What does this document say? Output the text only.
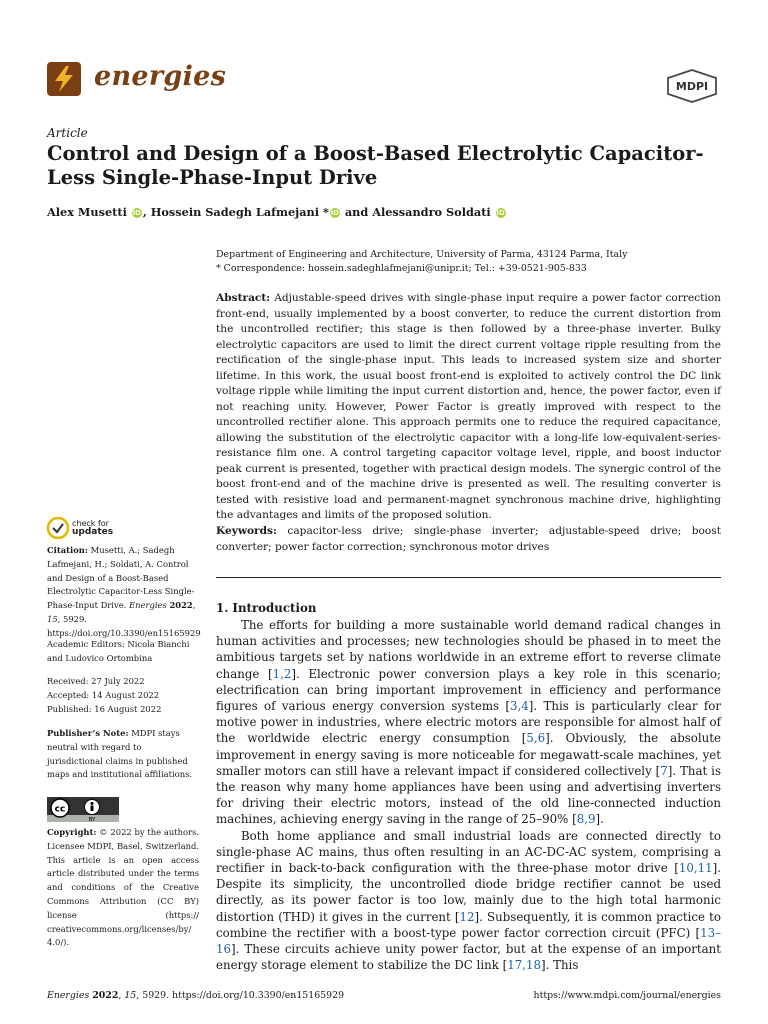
energies	MDPI
Article
Control and Design of a Boost-Based Electrolytic Capacitor-Less Single-Phase-Input Drive
Alex Musetti iD , Hossein Sadegh Lafmejani * iD and Alessandro Soldati iD
Department of Engineering and Architecture, University of Parma, 43124 Parma, Italy
* Correspondence: hossein.sadeghlafmejani@unipr.it; Tel.: +39-0521-905-833

Abstract: Adjustable-speed drives with single-phase input require a power factor correction front-end, usually implemented by a boost converter, to reduce the current distortion from the uncontrolled rectifier; this stage is then followed by a three-phase inverter. Bulky electrolytic capacitors are used to limit the direct current voltage ripple resulting from the rectification of the single-phase input. This leads to increased system size and shorter lifetime. In this work, the usual boost front-end is exploited to actively control the DC link voltage ripple while limiting the input current distortion and, hence, the power factor, even if not reaching unity. However, Power Factor is greatly improved with respect to the uncontrolled rectifier alone. This approach permits one to reduce the required capacitance, allowing the substitution of the electrolytic capacitor with a long-life low-equivalent-series-resistance film one. A control targeting capacitor voltage level, ripple, and boost inductor peak current is presented, together with practical design models. The synergic control of the boost front-end and of the machine drive is presented as well. The resulting converter is tested with resistive load and permanent-magnet synchronous machine drive, highlighting the advantages and limits of the proposed solution.

Keywords: capacitor-less drive; single-phase inverter; adjustable-speed drive; boost converter; power factor correction; synchronous motor drives

1. Introduction

The efforts for building a more sustainable world demand radical changes in human activities and processes; new technologies should be phased in to meet the ambitious targets set by nations worldwide in an extreme effort to reverse climate change [1,2]. Electronic power conversion plays a key role in this scenario; electrification can bring important improvement in efficiency and performance figures of various energy conversion systems [3,4]. This is particularly clear for motive power in industries, where electric motors are responsible for almost half of the worldwide electric energy consumption [5,6]. Obviously, the absolute improvement in energy saving is more noticeable for megawatt-scale machines, yet smaller motors can still have a relevant impact if considered collectively [7]. That is the reason why many home appliances have been using and advertising inverters for driving their electric motors, instead of the old line-connected induction machines, achieving energy saving in the range of 25–90% [8,9].

Both home appliance and small industrial loads are connected directly to single-phase AC mains, thus often resulting in an AC-DC-AC system, comprising a rectifier in back-to-back configuration with the three-phase motor drive [10,11]. Despite its simplicity, the uncontrolled diode bridge rectifier cannot be used directly, as its power factor is too low, mainly due to the high total harmonic distortion (THD) it gives in the current [12]. Subsequently, it is common practice to combine the rectifier with a boost-type power factor correction circuit (PFC) [13–16]. These circuits achieve unity power factor, but at the expense of an important energy storage element to stabilize the DC link [17,18]. This

check for
updates

Citation: Musetti, A.; Sadegh Lafmejani, H.; Soldati, A. Control and Design of a Boost-Based Electrolytic Capacitor-Less Single-Phase-Input Drive. Energies 2022, 15, 5929. https://doi.org/10.3390/en15165929

Academic Editors: Nicola Bianchi and Ludovico Ortombina

Received: 27 July 2022

Accepted: 14 August 2022

Published: 16 August 2022

Publisher’s Note: MDPI stays neutral with regard to jurisdictional claims in published maps and institutional affiliations.

cc
BY

Copyright: © 2022 by the authors. Licensee MDPI, Basel, Switzerland. This article is an open access article distributed under the terms and conditions of the Creative Commons Attribution (CC BY) license (https:// creativecommons.org/licenses/by/ 4.0/).

Energies 2022, 15, 5929. https://doi.org/10.3390/en15165929	https://www.mdpi.com/journal/energies
